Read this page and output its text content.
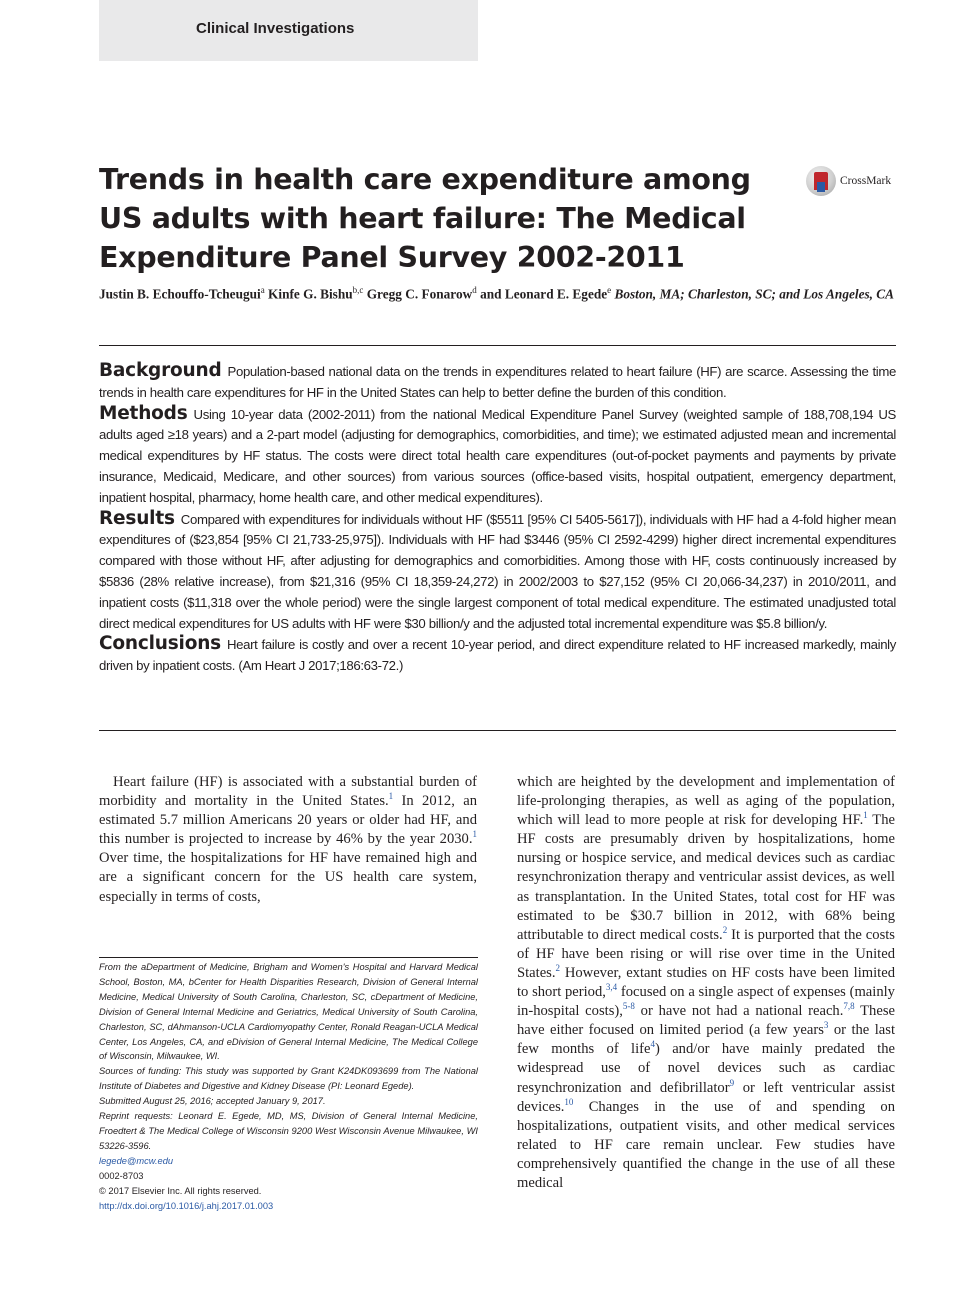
Clinical Investigations
Trends in health care expenditure among US adults with heart failure: The Medical Expenditure Panel Survey 2002-2011
CrossMark
Justin B. Echouffo-Tcheugui$^a$ Kinfe G. Bishu$^{b,c}$ Gregg C. Fonarow$^d$ and Leonard E. Egede$^e$ Boston, MA; Charleston, SC; and Los Angeles, CA

Background Population-based national data on the trends in expenditures related to heart failure (HF) are scarce. Assessing the time trends in health care expenditures for HF in the United States can help to better define the burden of this condition.

Methods Using 10-year data (2002-2011) from the national Medical Expenditure Panel Survey (weighted sample of 188,708,194 US adults aged ≥18 years) and a 2-part model (adjusting for demographics, comorbidities, and time); we estimated adjusted mean and incremental medical expenditures by HF status. The costs were direct total health care expenditures (out-of-pocket payments and payments by private insurance, Medicaid, Medicare, and other sources) from various sources (office-based visits, hospital outpatient, emergency department, inpatient hospital, pharmacy, home health care, and other medical expenditures).

Results Compared with expenditures for individuals without HF ($5511 [95% CI 5405-5617]), individuals with HF had a 4-fold higher mean expenditures of ($23,854 [95% CI 21,733-25,975]). Individuals with HF had $3446 (95% CI 2592-4299) higher direct incremental expenditures compared with those without HF, after adjusting for demographics and comorbidities. Among those with HF, costs continuously increased by $5836 (28% relative increase), from $21,316 (95% CI 18,359-24,272) in 2002/2003 to $27,152 (95% CI 20,066-34,237) in 2010/2011, and inpatient costs ($11,318 over the whole period) were the single largest component of total medical expenditure. The estimated unadjusted total direct medical expenditures for US adults with HF were $30 billion/y and the adjusted total incremental expenditure was $5.8 billion/y.

Conclusions Heart failure is costly and over a recent 10-year period, and direct expenditure related to HF increased markedly, mainly driven by inpatient costs. (Am Heart J 2017;186:63-72.)

Heart failure (HF) is associated with a substantial burden of morbidity and mortality in the United States.$^1$ In 2012, an estimated 5.7 million Americans 20 years or older had HF, and this number is projected to increase by 46% by the year 2030.$^1$ Over time, the hospitalizations for HF have remained high and are a significant concern for the US health care system, especially in terms of costs,

From the aDepartment of Medicine, Brigham and Women's Hospital and Harvard Medical School, Boston, MA, bCenter for Health Disparities Research, Division of General Internal Medicine, Medical University of South Carolina, Charleston, SC, cDepartment of Medicine, Division of General Internal Medicine and Geriatrics, Medical University of South Carolina, Charleston, SC, dAhmanson-UCLA Cardiomyopathy Center, Ronald Reagan-UCLA Medical Center, Los Angeles, CA, and eDivision of General Internal Medicine, The Medical College of Wisconsin, Milwaukee, WI.

Sources of funding: This study was supported by Grant K24DK093699 from The National Institute of Diabetes and Digestive and Kidney Disease (PI: Leonard Egede).

Submitted August 25, 2016; accepted January 9, 2017.

Reprint requests: Leonard E. Egede, MD, MS, Division of General Internal Medicine, Froedtert & The Medical College of Wisconsin 9200 West Wisconsin Avenue Milwaukee, WI 53226-3596.

legede@mcw.edu

0002-8703

© 2017 Elsevier Inc. All rights reserved.

http://dx.doi.org/10.1016/j.ahj.2017.01.003

which are heighted by the development and implementation of life-prolonging therapies, as well as aging of the population, which will lead to more people at risk for developing HF.$^1$ The HF costs are presumably driven by hospitalizations, home nursing or hospice service, and medical devices such as cardiac resynchronization therapy and ventricular assist devices, as well as transplantation. In the United States, total cost for HF was estimated to be $30.7 billion in 2012, with 68% being attributable to direct medical costs.$^2$ It is purported that the costs of HF have been rising or will rise over time in the United States.$^2$ However, extant studies on HF costs have been limited to short period,$^{3,4}$ focused on a single aspect of expenses (mainly in-hospital costs),$^{5-8}$ or have not had a national reach.$^{7,8}$ These have either focused on limited period (a few years$^3$ or the last few months of life$^4$) and/or have mainly predated the widespread use of novel devices such as cardiac resynchronization and defibrillator$^9$ or left ventricular assist devices.$^{10}$ Changes in the use of and spending on hospitalizations, outpatient visits, and other medical services related to HF care remain unclear. Few studies have comprehensively quantified the change in the use of all these medical
